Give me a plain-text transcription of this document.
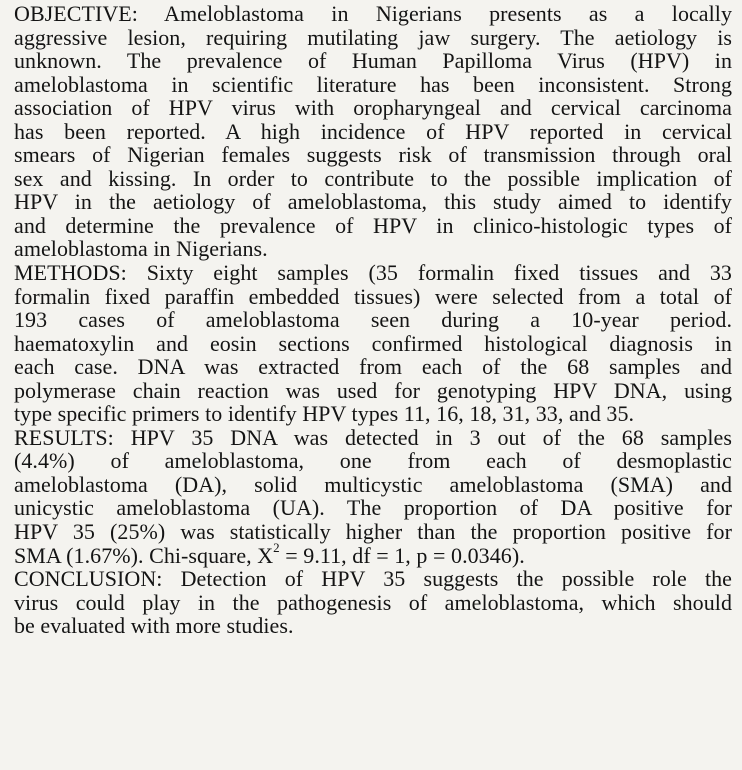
OBJECTIVE: Ameloblastoma in Nigerians presents as a locally
aggressive lesion, requiring mutilating jaw surgery. The aetiology is
unknown. The prevalence of Human Papilloma Virus (HPV) in
ameloblastoma in scientific literature has been inconsistent. Strong
association of HPV virus with oropharyngeal and cervical carcinoma
has been reported. A high incidence of HPV reported in cervical
smears of Nigerian females suggests risk of transmission through oral
sex and kissing. In order to contribute to the possible implication of
HPV in the aetiology of ameloblastoma, this study aimed to identify
and determine the prevalence of HPV in clinico-histologic types of
ameloblastoma in Nigerians.
METHODS: Sixty eight samples (35 formalin fixed tissues and 33
formalin fixed paraffin embedded tissues) were selected from a total of
193 cases of ameloblastoma seen during a 10-year period.
haematoxylin and eosin sections confirmed histological diagnosis in
each case. DNA was extracted from each of the 68 samples and
polymerase chain reaction was used for genotyping HPV DNA, using
type specific primers to identify HPV types 11, 16, 18, 31, 33, and 35.
RESULTS: HPV 35 DNA was detected in 3 out of the 68 samples
(4.4%) of ameloblastoma, one from each of desmoplastic
ameloblastoma (DA), solid multicystic ameloblastoma (SMA) and
unicystic ameloblastoma (UA). The proportion of DA positive for
HPV 35 (25%) was statistically higher than the proportion positive for
SMA (1.67%). Chi-square, $X^2 = 9.11$, df = 1, p = 0.0346).
CONCLUSION: Detection of HPV 35 suggests the possible role the
virus could play in the pathogenesis of ameloblastoma, which should
be evaluated with more studies.
